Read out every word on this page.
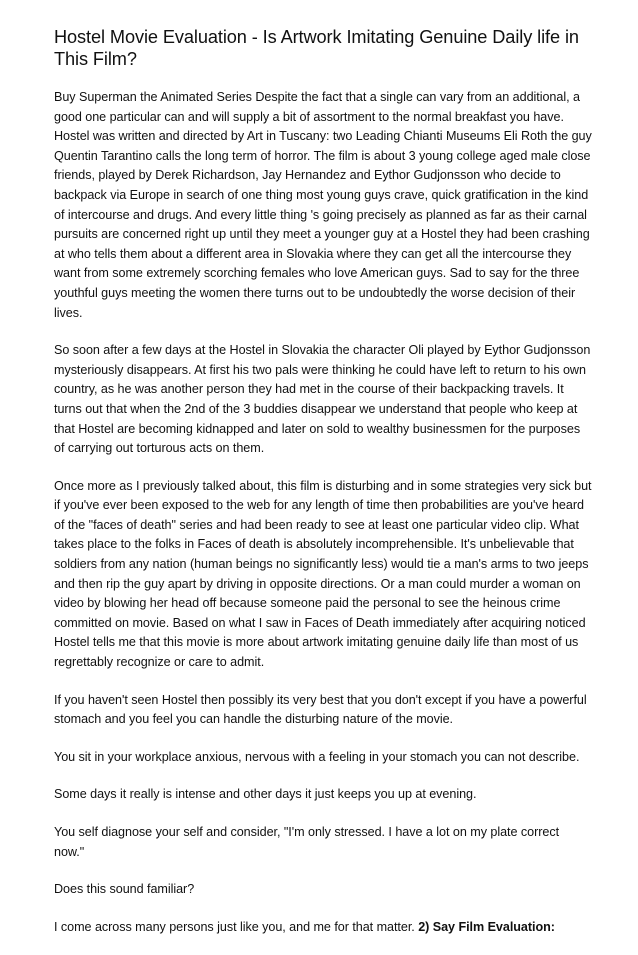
Hostel Movie Evaluation - Is Artwork Imitating Genuine Daily life in This Film?

Buy Superman the Animated Series Despite the fact that a single can vary from an additional, a good one particular can and will supply a bit of assortment to the normal breakfast you have. Hostel was written and directed by Art in Tuscany: two Leading Chianti Museums Eli Roth the guy Quentin Tarantino calls the long term of horror. The film is about 3 young college aged male close friends, played by Derek Richardson, Jay Hernandez and Eythor Gudjonsson who decide to backpack via Europe in search of one thing most young guys crave, quick gratification in the kind of intercourse and drugs. And every little thing 's going precisely as planned as far as their carnal pursuits are concerned right up until they meet a younger guy at a Hostel they had been crashing at who tells them about a different area in Slovakia where they can get all the intercourse they want from some extremely scorching females who love American guys. Sad to say for the three youthful guys meeting the women there turns out to be undoubtedly the worse decision of their lives.

So soon after a few days at the Hostel in Slovakia the character Oli played by Eythor Gudjonsson mysteriously disappears. At first his two pals were thinking he could have left to return to his own country, as he was another person they had met in the course of their backpacking travels. It turns out that when the 2nd of the 3 buddies disappear we understand that people who keep at that Hostel are becoming kidnapped and later on sold to wealthy businessmen for the purposes of carrying out torturous acts on them.

Once more as I previously talked about, this film is disturbing and in some strategies very sick but if you've ever been exposed to the web for any length of time then probabilities are you've heard of the "faces of death" series and had been ready to see at least one particular video clip. What takes place to the folks in Faces of death is absolutely incomprehensible. It's unbelievable that soldiers from any nation (human beings no significantly less) would tie a man's arms to two jeeps and then rip the guy apart by driving in opposite directions. Or a man could murder a woman on video by blowing her head off because someone paid the personal to see the heinous crime committed on movie. Based on what I saw in Faces of Death immediately after acquiring noticed Hostel tells me that this movie is more about artwork imitating genuine daily life than most of us regrettably recognize or care to admit.

If you haven't seen Hostel then possibly its very best that you don't except if you have a powerful stomach and you feel you can handle the disturbing nature of the movie.

You sit in your workplace anxious, nervous with a feeling in your stomach you can not describe.

Some days it really is intense and other days it just keeps you up at evening.

You self diagnose your self and consider, "I'm only stressed. I have a lot on my plate correct now."

Does this sound familiar?

I come across many persons just like you, and me for that matter. 2) Say Film Evaluation:
